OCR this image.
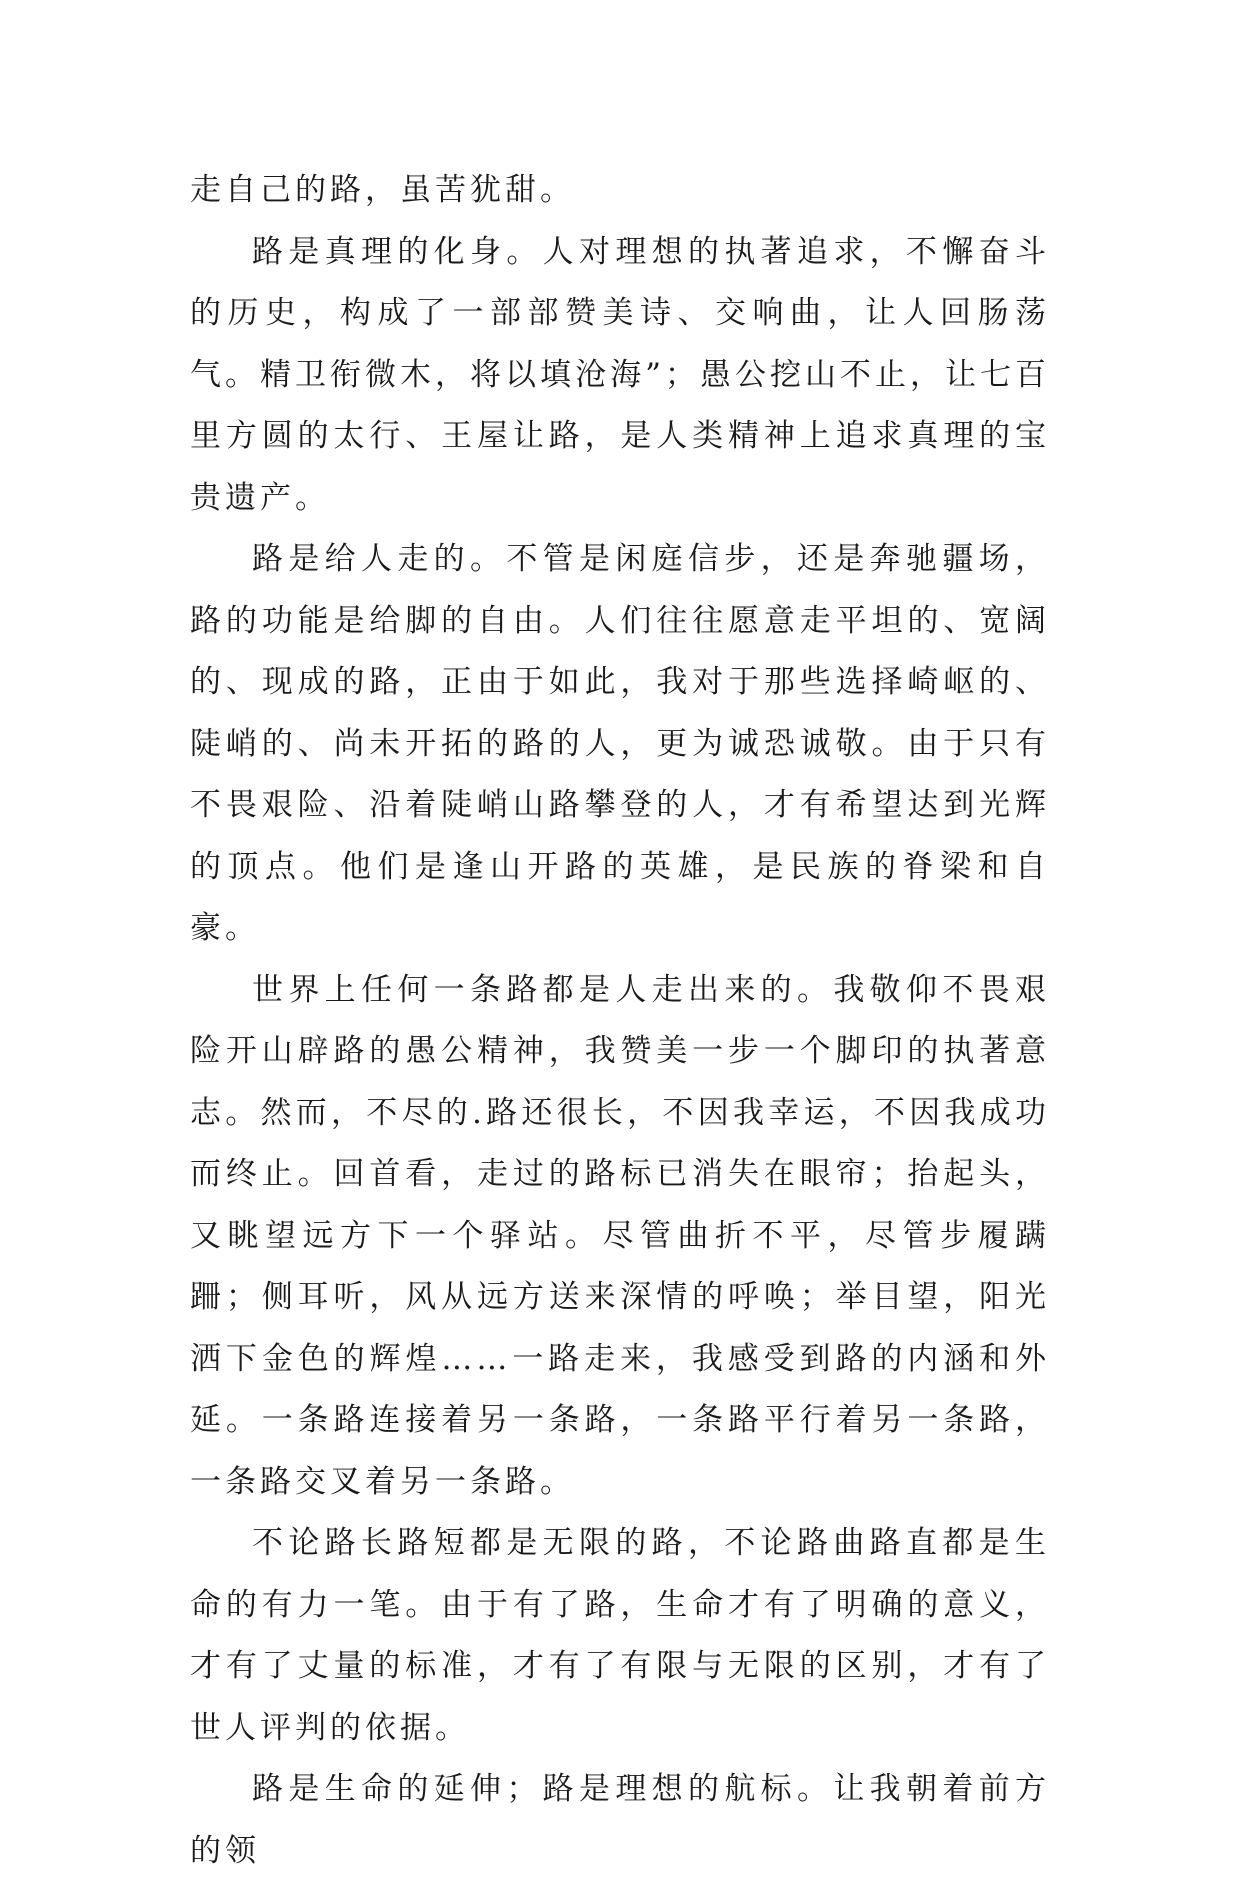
走自己的路，虽苦犹甜。

路是真理的化身。人对理想的执著追求，不懈奋斗的历史，构成了一部部赞美诗、交响曲，让人回肠荡气。精卫衔微木，将以填沧海”；愚公挖山不止，让七百里方圆的太行、王屋让路，是人类精神上追求真理的宝贵遗产。

路是给人走的。不管是闲庭信步，还是奔驰疆场，路的功能是给脚的自由。人们往往愿意走平坦的、宽阔的、现成的路，正由于如此，我对于那些选择崎岖的、陡峭的、尚未开拓的路的人，更为诚恐诚敬。由于只有不畏艰险、沿着陡峭山路攀登的人，才有希望达到光辉的顶点。他们是逢山开路的英雄，是民族的脊梁和自豪。

世界上任何一条路都是人走出来的。我敬仰不畏艰险开山辟路的愚公精神，我赞美一步一个脚印的执著意志。然而，不尽的.路还很长，不因我幸运，不因我成功而终止。回首看，走过的路标已消失在眼帘；抬起头，又眺望远方下一个驿站。尽管曲折不平，尽管步履蹒跚；侧耳听，风从远方送来深情的呼唤；举目望，阳光洒下金色的辉煌……一路走来，我感受到路的内涵和外延。一条路连接着另一条路，一条路平行着另一条路，一条路交叉着另一条路。

不论路长路短都是无限的路，不论路曲路直都是生命的有力一笔。由于有了路，生命才有了明确的意义，才有了丈量的标准，才有了有限与无限的区别，才有了世人评判的依据。

路是生命的延伸；路是理想的航标。让我朝着前方的领
